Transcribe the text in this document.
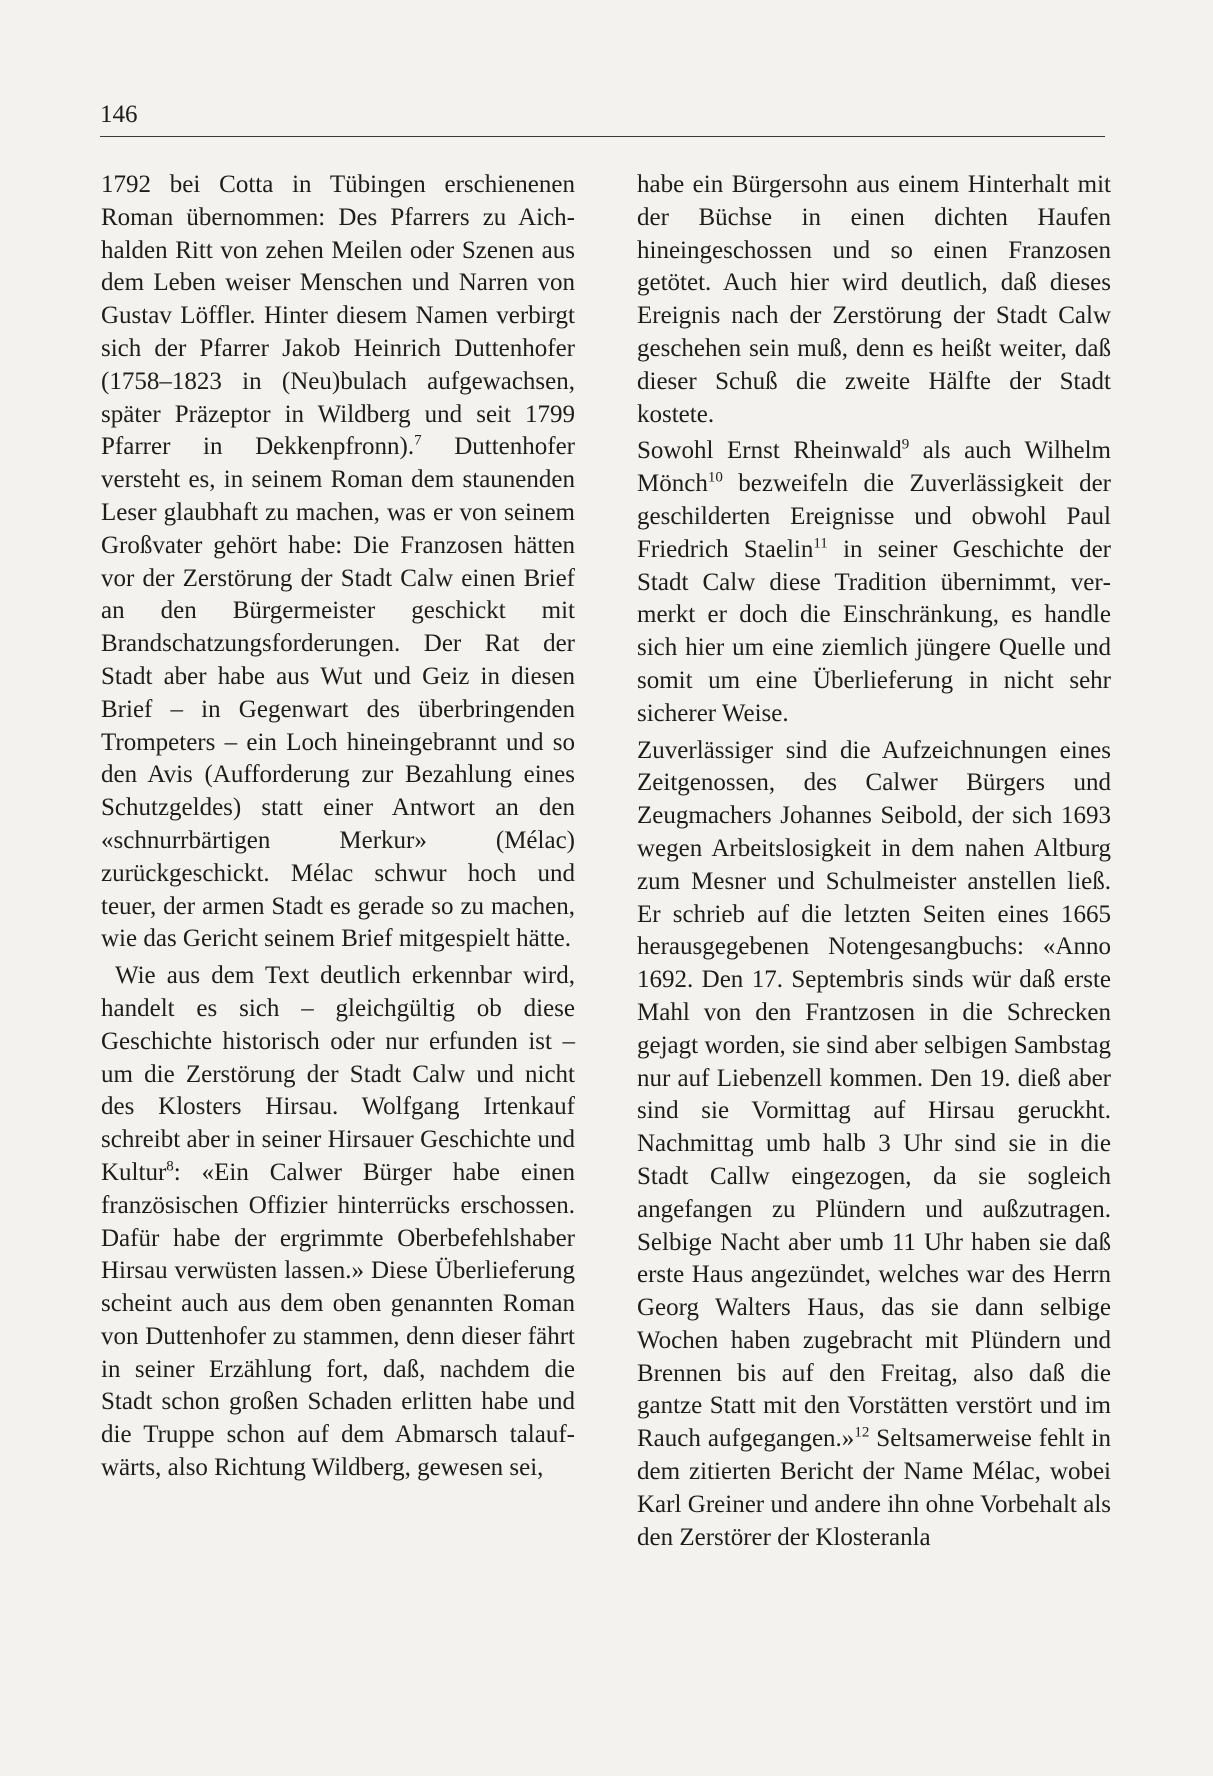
146

1792 bei Cotta in Tübingen erschienenen Roman übernommen: Des Pfarrers zu Aichhalden Ritt von zehen Meilen oder Szenen aus dem Leben weiser Menschen und Narren von Gustav Löffler. Hinter diesem Namen verbirgt sich der Pfarrer Jakob Heinrich Duttenhofer (1758–1823 in (Neu)bulach aufgewachsen, später Präzeptor in Wildberg und seit 1799 Pfarrer in Dekkenpfronn).$^7$ Duttenhofer versteht es, in seinem Roman dem staunenden Leser glaubhaft zu machen, was er von seinem Großvater gehört habe: Die Franzosen hätten vor der Zerstörung der Stadt Calw einen Brief an den Bürgermeister geschickt mit Brandschatzungsforderungen. Der Rat der Stadt aber habe aus Wut und Geiz in diesen Brief – in Gegenwart des überbringenden Trompeters – ein Loch hineingebrannt und so den Avis (Aufforderung zur Bezahlung eines Schutzgeldes) statt einer Antwort an den «schnurrbärtigen Merkur» (Mélac) zurückgeschickt. Mélac schwur hoch und teuer, der armen Stadt es gerade so zu machen, wie das Gericht seinem Brief mitgespielt hätte.

Wie aus dem Text deutlich erkennbar wird, handelt es sich – gleichgültig ob diese Geschichte historisch oder nur erfunden ist – um die Zerstörung der Stadt Calw und nicht des Klosters Hirsau. Wolfgang Irtenkauf schreibt aber in seiner Hirsauer Geschichte und Kultur$^8$: «Ein Calwer Bürger habe einen französischen Offizier hinterrücks erschossen. Dafür habe der ergrimmte Oberbefehlshaber Hirsau verwüsten lassen.» Diese Überlieferung scheint auch aus dem oben genannten Roman von Duttenhofer zu stammen, denn dieser fährt in seiner Erzählung fort, daß, nachdem die Stadt schon großen Schaden erlitten habe und die Truppe schon auf dem Abmarsch talaufwärts, also Richtung Wildberg, gewesen sei,

habe ein Bürgersohn aus einem Hinterhalt mit der Büchse in einen dichten Haufen hineingeschossen und so einen Franzosen getötet. Auch hier wird deutlich, daß dieses Ereignis nach der Zerstörung der Stadt Calw geschehen sein muß, denn es heißt weiter, daß dieser Schuß die zweite Hälfte der Stadt kostete.

Sowohl Ernst Rheinwald$^9$ als auch Wilhelm Mönch$^{10}$ bezweifeln die Zuverlässigkeit der geschilderten Ereignisse und obwohl Paul Friedrich Staelin$^{11}$ in seiner Geschichte der Stadt Calw diese Tradition übernimmt, vermerkt er doch die Einschränkung, es handle sich hier um eine ziemlich jüngere Quelle und somit um eine Überlieferung in nicht sehr sicherer Weise.

Zuverlässiger sind die Aufzeichnungen eines Zeitgenossen, des Calwer Bürgers und Zeugmachers Johannes Seibold, der sich 1693 wegen Arbeitslosigkeit in dem nahen Altburg zum Mesner und Schulmeister anstellen ließ. Er schrieb auf die letzten Seiten eines 1665 herausgegebenen Notengesangbuchs: «Anno 1692. Den 17. Septembris sinds wür daß erste Mahl von den Frantzosen in die Schrecken gejagt worden, sie sind aber selbigen Sambstag nur auf Liebenzell kommen. Den 19. dieß aber sind sie Vormittag auf Hirsau geruckht. Nachmittag umb halb 3 Uhr sind sie in die Stadt Callw eingezogen, da sie sogleich angefangen zu Plündern und außzutragen. Selbige Nacht aber umb 11 Uhr haben sie daß erste Haus angezündet, welches war des Herrn Georg Walters Haus, das sie dann selbige Wochen haben zugebracht mit Plündern und Brennen bis auf den Freitag, also daß die gantze Statt mit den Vorstätten verstört und im Rauch aufgegangen.»$^{12}$ Seltsamerweise fehlt in dem zitierten Bericht der Name Mélac, wobei Karl Greiner und andere ihn ohne Vorbehalt als den Zerstörer der Klosteranla
